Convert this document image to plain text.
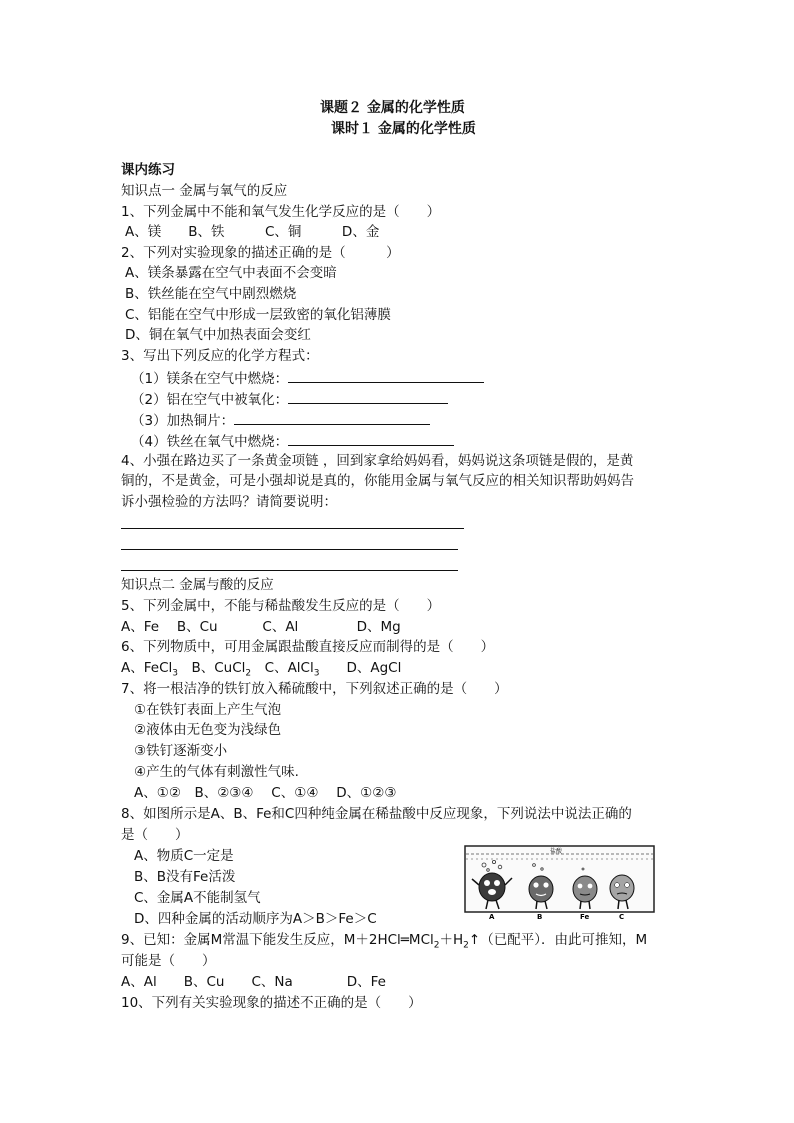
课题２ 金属的化学性质
课时１ 金属的化学性质
课内练习
知识点一 金属与氧气的反应
1、下列金属中不能和氧气发生化学反应的是（　　）
A、镁　　B、铁　　　C、铜　　　D、金
2、下列对实验现象的描述正确的是（　　　）
A、镁条暴露在空气中表面不会变暗
B、铁丝能在空气中剧烈燃烧
C、铝能在空气中形成一层致密的氧化铝薄膜
D、铜在氧气中加热表面会变红
3、写出下列反应的化学方程式：
（1）镁条在空气中燃烧：
（2）铝在空气中被氧化：
（3）加热铜片：
（4）铁丝在氧气中燃烧：
4、小强在路边买了一条黄金项链 ，回到家拿给妈妈看，妈妈说这条项链是假的，是黄
铜的，不是黄金，可是小强却说是真的，你能用金属与氧气反应的相关知识帮助妈妈告
诉小强检验的方法吗？请简要说明：
知识点二 金属与酸的反应
5、下列金属中，不能与稀盐酸发生反应的是（　　）
A、Fe　 B、Cu　　　 C、Al　　　　 D、Mg
6、下列物质中，可用金属跟盐酸直接反应而制得的是（　　）
A、FeCl$_3$　B、CuCl$_2$　C、AlCl$_3$　　D、AgCl
7、将一根洁净的铁钉放入稀硫酸中，下列叙述正确的是（　　）
①在铁钉表面上产生气泡
②液体由无色变为浅绿色
③铁钉逐渐变小
④产生的气体有刺激性气味.
A、①②　B、②③④　 C、①④　 D、①②③
8、如图所示是A、B、Fe和C四种纯金属在稀盐酸中反应现象，下列说法中说法正确的
是（　　）
A、物质C一定是
B、B没有Fe活泼
C、金属A不能制氢气
D、四种金属的活动顺序为A＞B＞Fe＞C
盐酸
A	B	Fe	C
9、已知：金属M常温下能发生反应，$M+2HCl═MCl_2+H_2↑$（已配平）．由此可推知，M
可能是（　　）
A、Al　　B、Cu　　C、Na　　　　D、Fe
10、下列有关实验现象的描述不正确的是（　　）
